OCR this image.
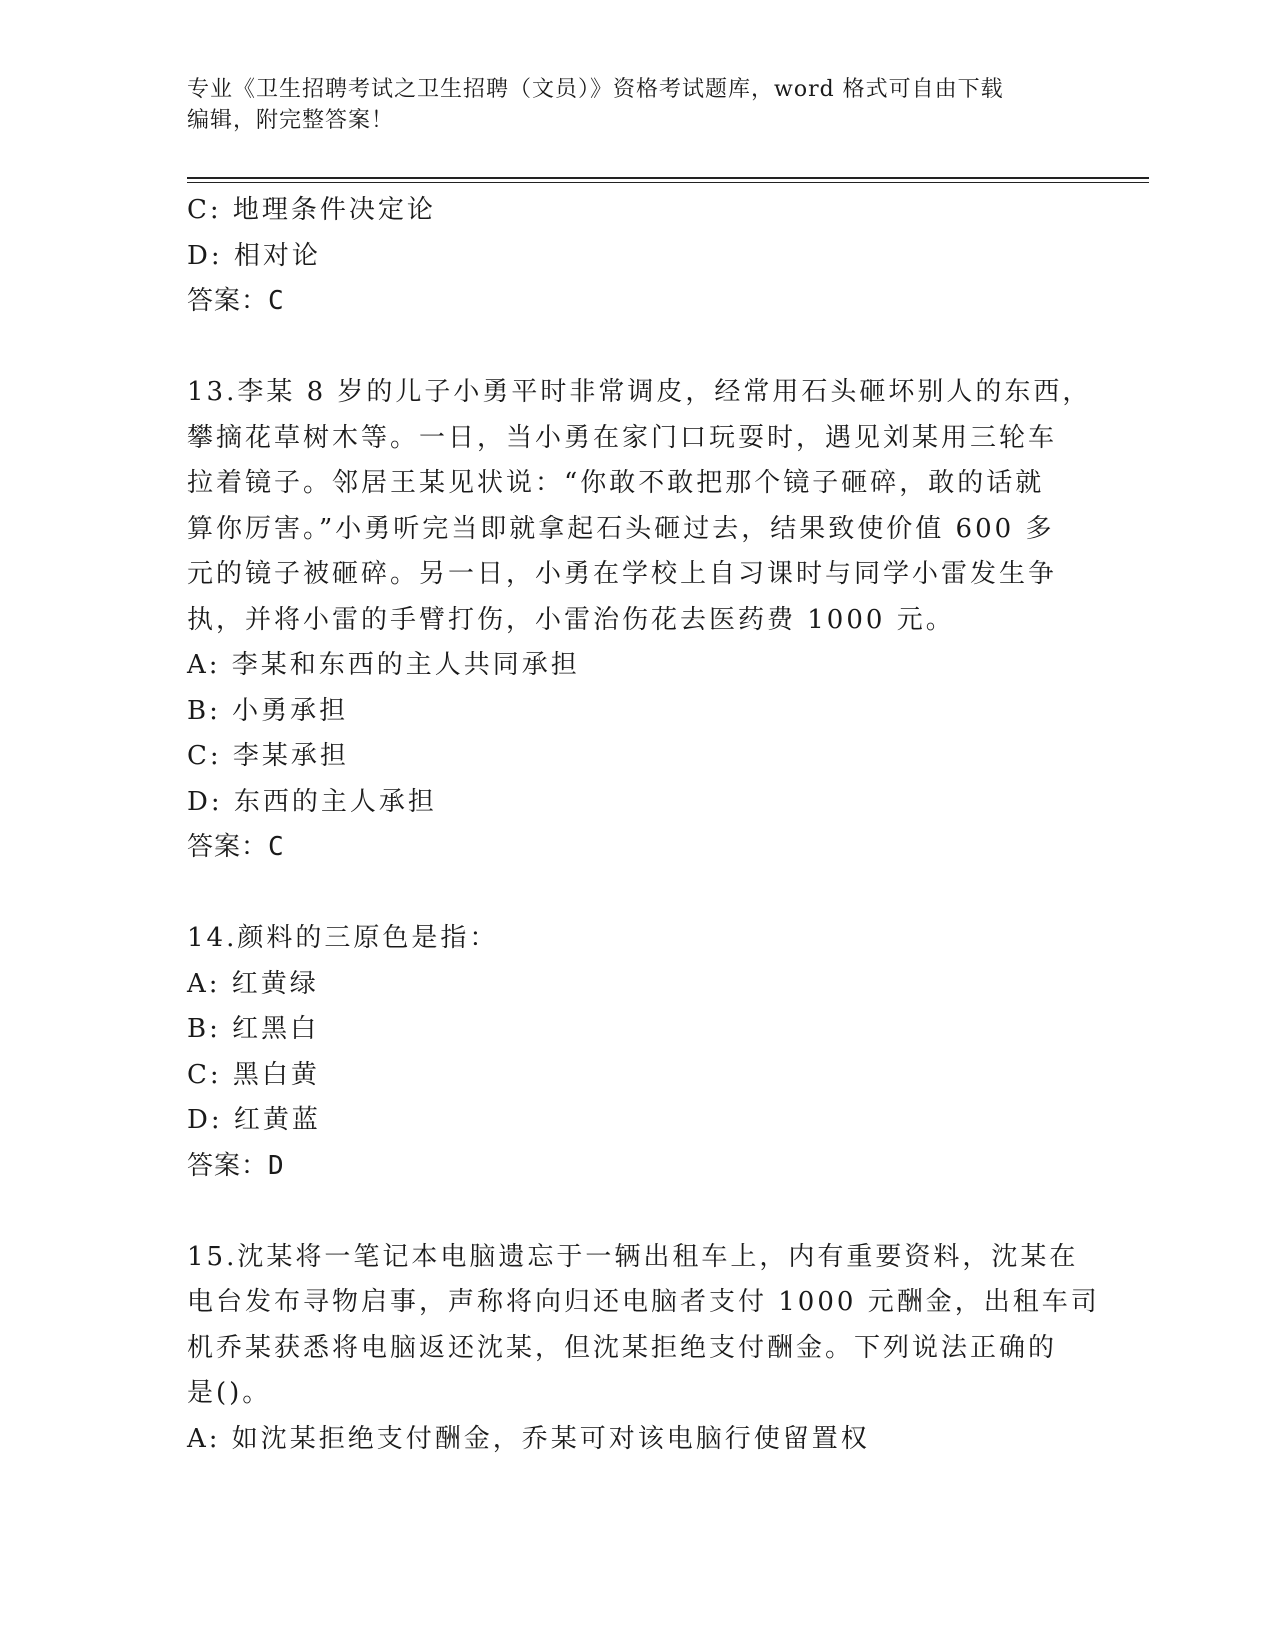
专业《卫生招聘考试之卫生招聘（文员）》资格考试题库，word 格式可自由下载
编辑，附完整答案！
C: 地理条件决定论
D: 相对论
答案：C
13.李某 8 岁的儿子小勇平时非常调皮，经常用石头砸坏别人的东西，
攀摘花草树木等。一日，当小勇在家门口玩耍时，遇见刘某用三轮车
拉着镜子。邻居王某见状说：“你敢不敢把那个镜子砸碎，敢的话就
算你厉害。”小勇听完当即就拿起石头砸过去，结果致使价值 600 多
元的镜子被砸碎。另一日，小勇在学校上自习课时与同学小雷发生争
执，并将小雷的手臂打伤，小雷治伤花去医药费 1000 元。
A: 李某和东西的主人共同承担
B: 小勇承担
C: 李某承担
D: 东西的主人承担
答案：C
14.颜料的三原色是指：
A: 红黄绿
B: 红黑白
C: 黑白黄
D: 红黄蓝
答案：D
15.沈某将一笔记本电脑遗忘于一辆出租车上，内有重要资料，沈某在
电台发布寻物启事，声称将向归还电脑者支付 1000 元酬金，出租车司
机乔某获悉将电脑返还沈某，但沈某拒绝支付酬金。下列说法正确的
是()。
A: 如沈某拒绝支付酬金，乔某可对该电脑行使留置权
